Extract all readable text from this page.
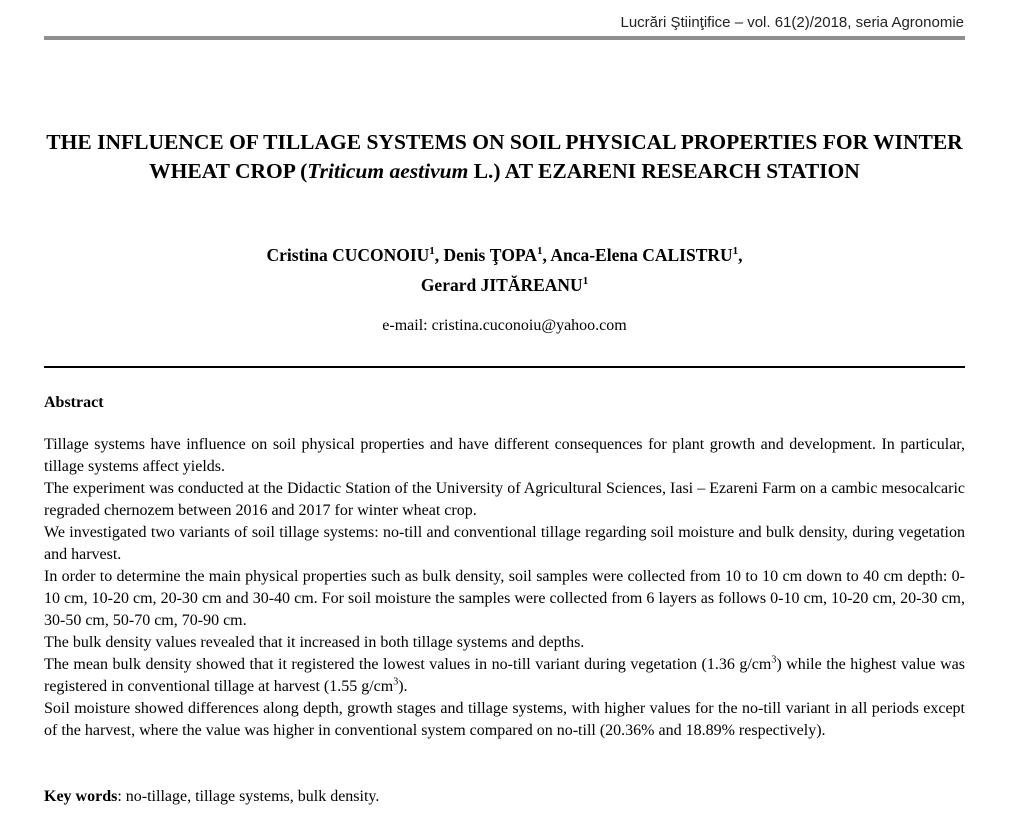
Lucrări Ştiinţifice – vol. 61(2)/2018, seria Agronomie
THE INFLUENCE OF TILLAGE SYSTEMS ON SOIL PHYSICAL PROPERTIES FOR WINTER WHEAT CROP (Triticum aestivum L.) AT EZARENI RESEARCH STATION
Cristina CUCONOIU$^1$, Denis ŢOPA$^1$, Anca-Elena CALISTRU$^1$,
Gerard JITĂREANU$^1$
e-mail: cristina.cuconoiu@yahoo.com
Abstract

Tillage systems have influence on soil physical properties and have different consequences for plant growth and development. In particular, tillage systems affect yields.

The experiment was conducted at the Didactic Station of the University of Agricultural Sciences, Iasi – Ezareni Farm on a cambic mesocalcaric regraded chernozem between 2016 and 2017 for winter wheat crop.

We investigated two variants of soil tillage systems: no-till and conventional tillage regarding soil moisture and bulk density, during vegetation and harvest.

In order to determine the main physical properties such as bulk density, soil samples were collected from 10 to 10 cm down to 40 cm depth: 0-10 cm, 10-20 cm, 20-30 cm and 30-40 cm. For soil moisture the samples were collected from 6 layers as follows 0-10 cm, 10-20 cm, 20-30 cm, 30-50 cm, 50-70 cm, 70-90 cm.

The bulk density values revealed that it increased in both tillage systems and depths.

The mean bulk density showed that it registered the lowest values in no-till variant during vegetation (1.36 $g/cm^3$) while the highest value was registered in conventional tillage at harvest (1.55 $g/cm^3$).

Soil moisture showed differences along depth, growth stages and tillage systems, with higher values for the no-till variant in all periods except of the harvest, where the value was higher in conventional system compared on no-till (20.36% and 18.89% respectively).

Key words: no-tillage, tillage systems, bulk density.
